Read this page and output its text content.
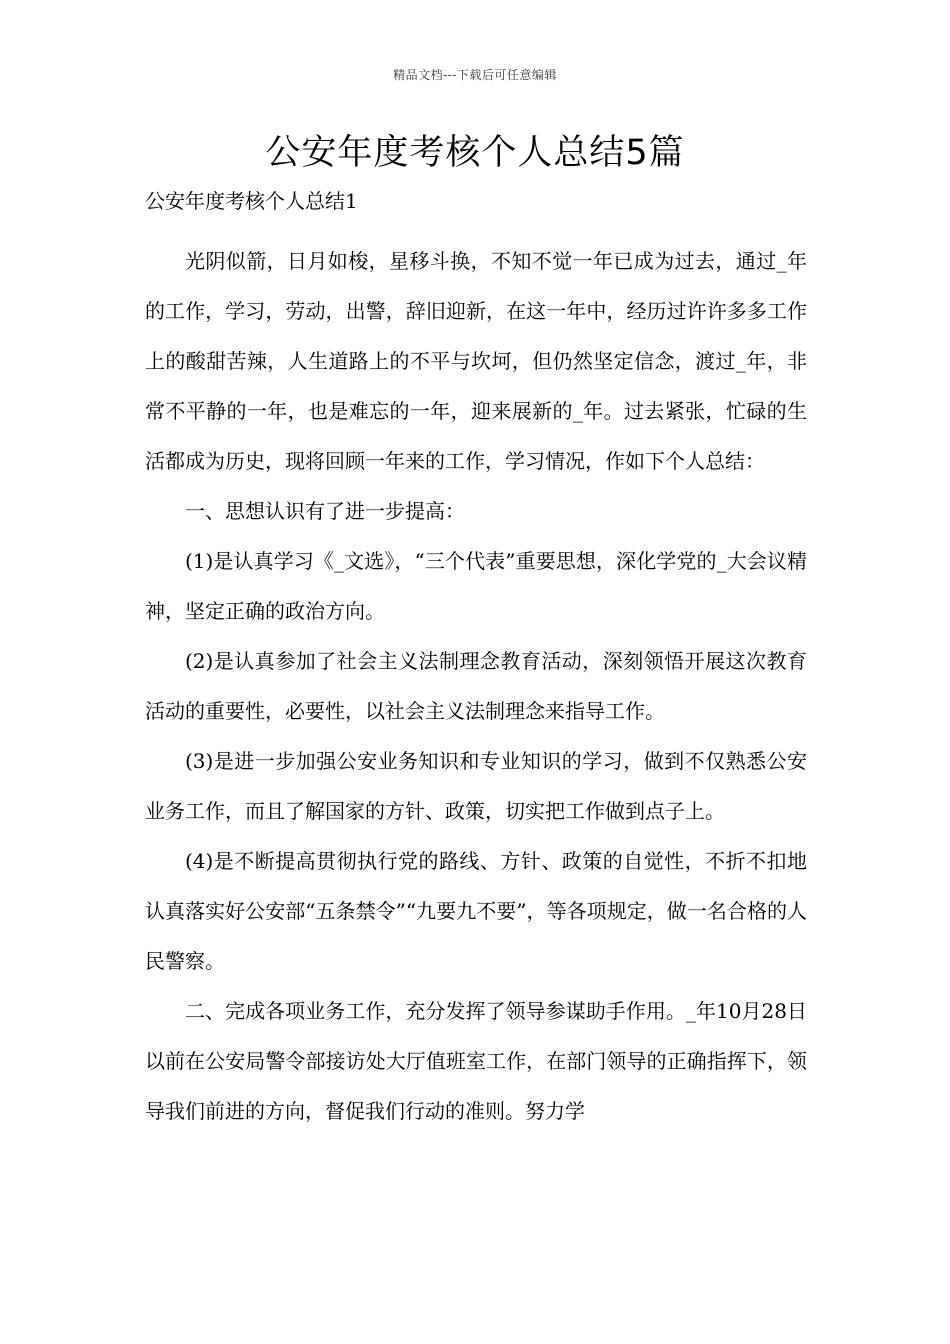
精品文档---下载后可任意编辑
公安年度考核个人总结5篇
公安年度考核个人总结1

光阴似箭，日月如梭，星移斗换，不知不觉一年已成为过去，通过_年的工作，学习，劳动，出警，辞旧迎新，在这一年中，经历过许许多多工作上的酸甜苦辣，人生道路上的不平与坎坷，但仍然坚定信念，渡过_年，非常不平静的一年，也是难忘的一年，迎来展新的_年。过去紧张，忙碌的生活都成为历史，现将回顾一年来的工作，学习情况，作如下个人总结：

一、思想认识有了进一步提高：

(1)是认真学习《_文选》，“三个代表”重要思想，深化学党的_大会议精神，坚定正确的政治方向。

(2)是认真参加了社会主义法制理念教育活动，深刻领悟开展这次教育活动的重要性，必要性，以社会主义法制理念来指导工作。

(3)是进一步加强公安业务知识和专业知识的学习，做到不仅熟悉公安业务工作，而且了解国家的方针、政策，切实把工作做到点子上。

(4)是不断提高贯彻执行党的路线、方针、政策的自觉性，不折不扣地认真落实好公安部“五条禁令”“九要九不要”，等各项规定，做一名合格的人民警察。

二、完成各项业务工作，充分发挥了领导参谋助手作用。_年10月28日以前在公安局警令部接访处大厅值班室工作，在部门领导的正确指挥下，领导我们前进的方向，督促我们行动的准则。努力学
